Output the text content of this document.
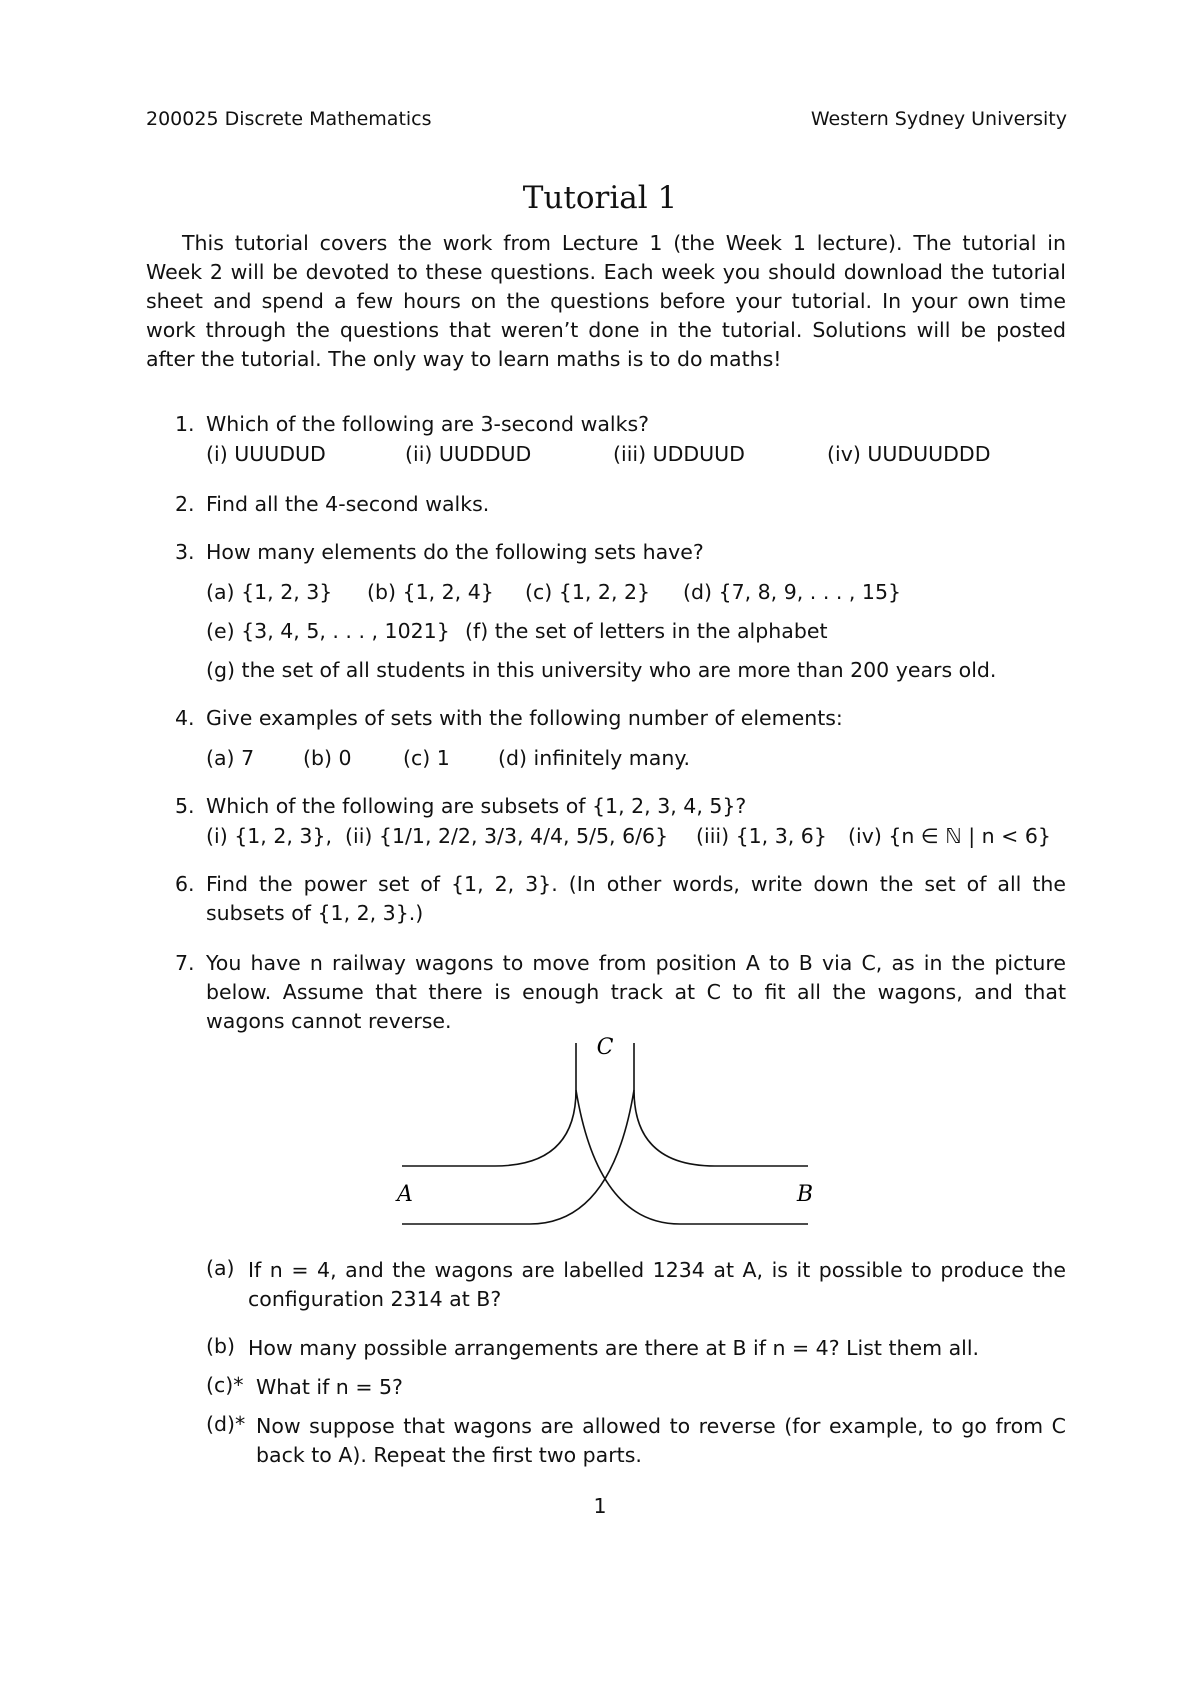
200025 Discrete Mathematics	Western Sydney University
Tutorial 1
This tutorial covers the work from Lecture 1 (the Week 1 lecture). The tutorial in Week 2 will be devoted to these questions. Each week you should download the tutorial sheet and spend a few hours on the questions before your tutorial. In your own time work through the questions that weren’t done in the tutorial. Solutions will be posted after the tutorial. The only way to learn maths is to do maths!
1. Which of the following are 3-second walks?
(i) UUUDUD	(ii) UUDDUD	(iii) UDDUUD	(iv) UUDUUDDD
2. Find all the 4-second walks.
3. How many elements do the following sets have?
(a) {1, 2, 3} (b) {1, 2, 4} (c) {1, 2, 2} (d) {7, 8, 9, . . . , 15}
(e) {3, 4, 5, . . . , 1021} (f) the set of letters in the alphabet
(g) the set of all students in this university who are more than 200 years old.
4. Give examples of sets with the following number of elements:
(a) 7 (b) 0	(c) 1 (d) infinitely many.
5. Which of the following are subsets of {1, 2, 3, 4, 5}?
(i) {1, 2, 3}, (ii) {1/1, 2/2, 3/3, 4/4, 5/5, 6/6} (iii) {1, 3, 6} (iv) {n ∈ ℕ | n < 6}
6. Find the power set of {1, 2, 3}. (In other words, write down the set of all the subsets of {1, 2, 3}.)
7. You have n railway wagons to move from position A to B via C, as in the picture below. Assume that there is enough track at C to fit all the wagons, and that wagons cannot reverse.
C
A	B
(a) If n = 4, and the wagons are labelled 1234 at A, is it possible to produce the configuration 2314 at B?
(b) How many possible arrangements are there at B if n = 4? List them all.
(c)* What if n = 5?
(d)* Now suppose that wagons are allowed to reverse (for example, to go from C back to A). Repeat the first two parts.
1
